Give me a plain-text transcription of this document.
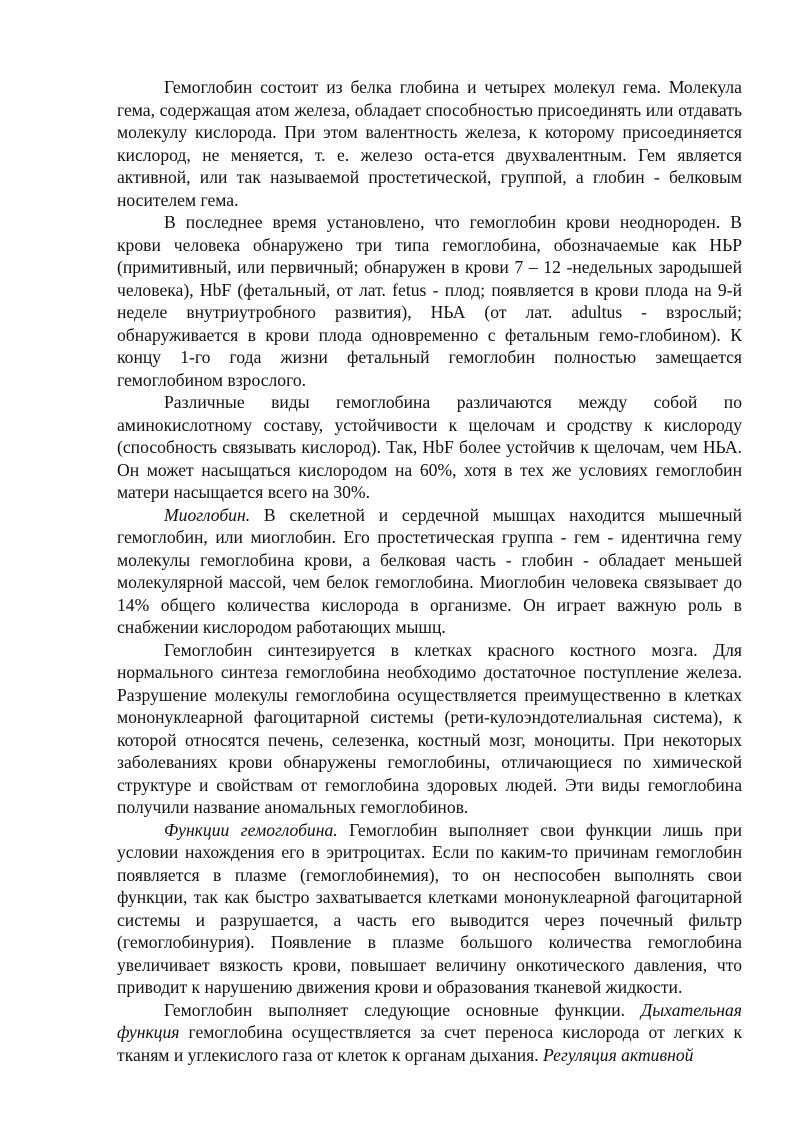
Гемоглобин состоит из белка глобина и четырех молекул гема. Молекула гема, содержащая атом железа, обладает способностью присоединять или отдавать молекулу кислорода. При этом валентность железа, к которому присоединяется кислород, не меняется, т. е. железо оста-ется двухвалентным. Гем является активной, или так называемой простетической, группой, а глобин - белковым носителем гема.

В последнее время установлено, что гемоглобин крови неоднороден. В крови человека обнаружено три типа гемоглобина, обозначаемые как НЬР (примитивный, или первичный; обнаружен в крови 7 – 12 -недельных зародышей человека), HbF (фетальный, от лат. fetus - плод; появляется в крови плода на 9-й неделе внутриутробного развития), НЬА (от лат. adultus - взрослый; обнаруживается в крови плода одновременно с фетальным гемо-глобином). К концу 1-го года жизни фетальный гемоглобин полностью замещается гемоглобином взрослого.

Различные виды гемоглобина различаются между собой по аминокислотному составу, устойчивости к щелочам и сродству к кислороду (способность связывать кислород). Так, HbF более устойчив к щелочам, чем НЬА. Он может насыщаться кислородом на 60%, хотя в тех же условиях гемоглобин матери насыщается всего на 30%.

Миоглобин. В скелетной и сердечной мышцах находится мышечный гемоглобин, или миоглобин. Его простетическая группа - гем - идентична гему молекулы гемоглобина крови, а белковая часть - глобин - обладает меньшей молекулярной массой, чем белок гемоглобина. Миоглобин человека связывает до 14% общего количества кислорода в организме. Он играет важную роль в снабжении кислородом работающих мышц.

Гемоглобин синтезируется в клетках красного костного мозга. Для нормального синтеза гемоглобина необходимо достаточное поступление железа. Разрушение молекулы гемоглобина осуществляется преимущественно в клетках мононуклеарной фагоцитарной системы (рети-кулоэндотелиальная система), к которой относятся печень, селезенка, костный мозг, моноциты. При некоторых заболеваниях крови обнаружены гемоглобины, отличающиеся по химической структуре и свойствам от гемоглобина здоровых людей. Эти виды гемоглобина получили название аномальных гемоглобинов.

Функции гемоглобина. Гемоглобин выполняет свои функции лишь при условии нахождения его в эритроцитах. Если по каким-то причинам гемоглобин появляется в плазме (гемоглобинемия), то он неспособен выполнять свои функции, так как быстро захватывается клетками мононуклеарной фагоцитарной системы и разрушается, а часть его выводится через почечный фильтр (гемоглобинурия). Появление в плазме большого количества гемоглобина увеличивает вязкость крови, повышает величину онкотического давления, что приводит к нарушению движения крови и образования тканевой жидкости.

Гемоглобин выполняет следующие основные функции. Дыхательная функция гемоглобина осуществляется за счет переноса кислорода от легких к тканям и углекислого газа от клеток к органам дыхания. Регуляция активной
